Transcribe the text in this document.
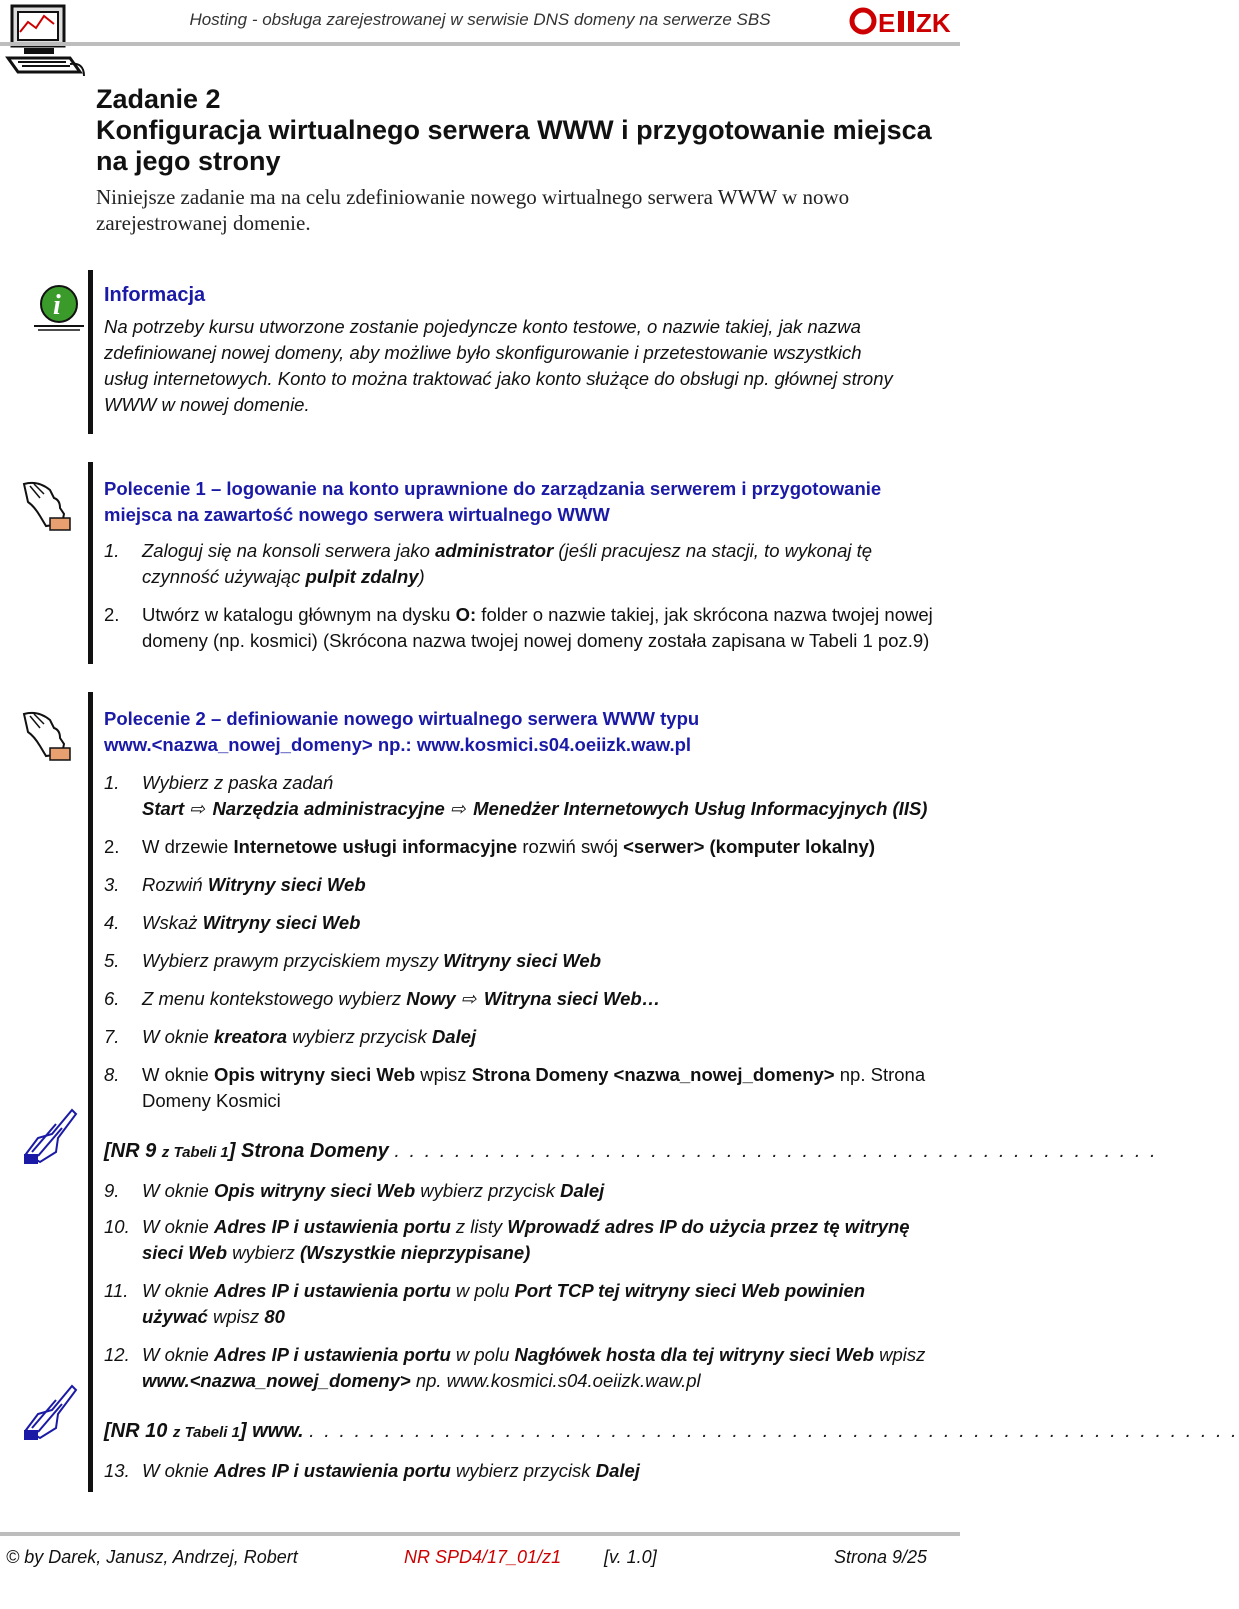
Hosting - obsługa zarejestrowanej w serwisie DNS domeny na serwerze SBS	E ZK
Zadanie 2
Konfiguracja wirtualnego serwera WWW i przygotowanie miejsca
na jego strony
Niniejsze zadanie ma na celu zdefiniowanie nowego wirtualnego serwera WWW w nowo zarejestrowanej domenie.
i Informacja
Na potrzeby kursu utworzone zostanie pojedyncze konto testowe, o nazwie takiej, jak nazwa zdefiniowanej nowej domeny, aby możliwe było skonfigurowanie i przetestowanie wszystkich usług internetowych. Konto to można traktować jako konto służące do obsługi np. głównej strony WWW w nowej domenie.
Polecenie 1 – logowanie na konto uprawnione do zarządzania serwerem i przygotowanie miejsca na zawartość nowego serwera wirtualnego WWW
1.	Zaloguj się na konsoli serwera jako administrator (jeśli pracujesz na stacji, to wykonaj tę czynność używając pulpit zdalny)
2.	Utwórz w katalogu głównym na dysku O: folder o nazwie takiej, jak skrócona nazwa twojej nowej domeny (np. kosmici) (Skrócona nazwa twojej nowej domeny została zapisana w Tabeli 1 poz.9)
Polecenie 2 – definiowanie nowego wirtualnego serwera WWW typu
www.<nazwa_nowej_domeny> np.: www.kosmici.s04.oeiizk.waw.pl
1.	Wybierz z paska zadań
Start ⇨ Narzędzia administracyjne ⇨ Menedżer Internetowych Usług Informacyjnych (IIS)
2.	W drzewie Internetowe usługi informacyjne rozwiń swój <serwer> (komputer lokalny)
3.	Rozwiń Witryny sieci Web
4.	Wskaż Witryny sieci Web
5.	Wybierz prawym przyciskiem myszy Witryny sieci Web
6.	Z menu kontekstowego wybierz Nowy ⇨ Witryna sieci Web…
7.	W oknie kreatora wybierz przycisk Dalej
8.	W oknie Opis witryny sieci Web wpisz Strona Domeny <nazwa_nowej_domeny> np. Strona Domeny Kosmici
[NR 9 z Tabeli 1] Strona Domeny . . . . . . . . . . . . . . . . . . . . . . . . . . . . . . . . . . . . . . . . . . . . . . . . . . .
9.	W oknie Opis witryny sieci Web wybierz przycisk Dalej
10. W oknie Adres IP i ustawienia portu z listy Wprowadź adres IP do użycia przez tę witrynę sieci Web wybierz (Wszystkie nieprzypisane)
11. W oknie Adres IP i ustawienia portu w polu Port TCP tej witryny sieci Web powinien używać wpisz 80
12. W oknie Adres IP i ustawienia portu w polu Nagłówek hosta dla tej witryny sieci Web wpisz www.<nazwa_nowej_domeny> np. www.kosmici.s04.oeiizk.waw.pl
[NR 10 z Tabeli 1] www. . . . . . . . . . . . . . . . . . . . . . . . . . . . . . . . . . . . . . . . . . . . . . . . . . . . . . . . . . . . . . .
13. W oknie Adres IP i ustawienia portu wybierz przycisk Dalej
© by Darek, Janusz, Andrzej, Robert	NR SPD4/17_01/z1 [v. 1.0]	Strona 9/25
